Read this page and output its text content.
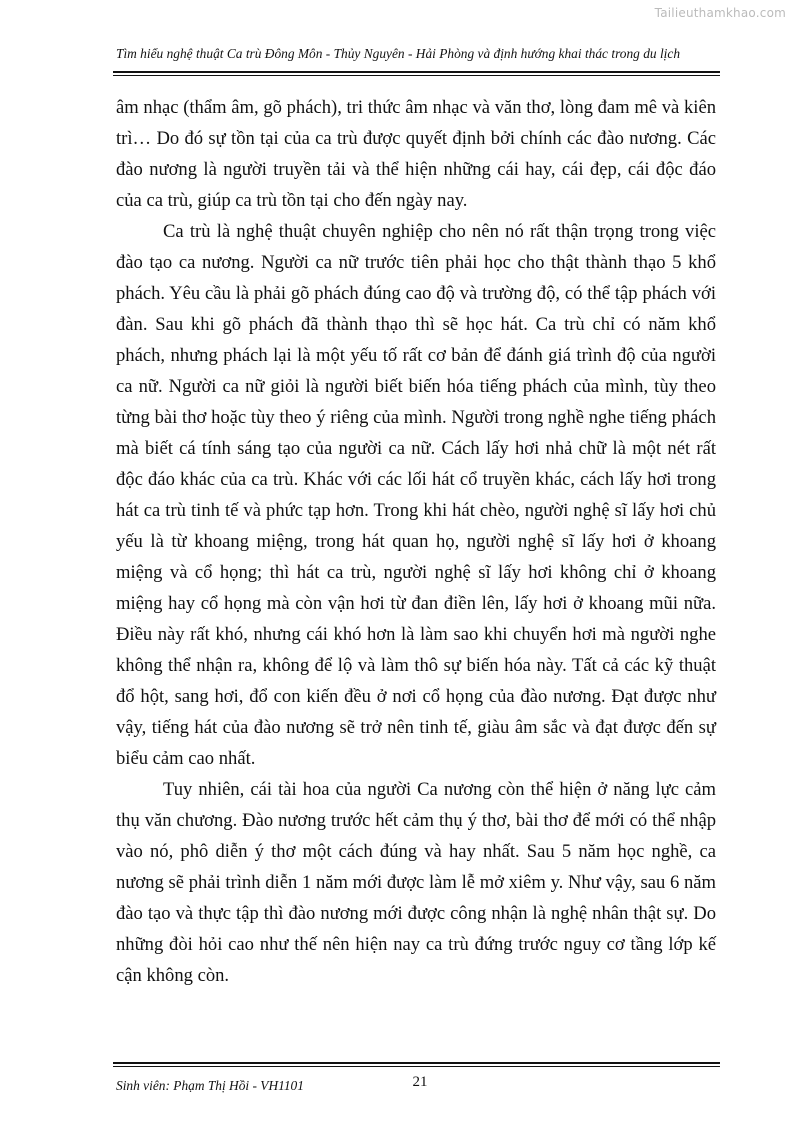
Tailieuthamkhao.com
Tìm hiểu nghệ thuật Ca trù Đông Môn - Thủy Nguyên - Hải Phòng và định hướng khai thác trong du lịch

âm nhạc (thẩm âm, gõ phách), tri thức âm nhạc và văn thơ, lòng đam mê và kiên trì… Do đó sự tồn tại của ca trù được quyết định bởi chính các đào nương. Các đào nương là người truyền tải và thể hiện những cái hay, cái đẹp, cái độc đáo của ca trù, giúp ca trù tồn tại cho đến ngày nay.

Ca trù là nghệ thuật chuyên nghiệp cho nên nó rất thận trọng trong việc đào tạo ca nương. Người ca nữ trước tiên phải học cho thật thành thạo 5 khổ phách. Yêu cầu là phải gõ phách đúng cao độ và trường độ, có thể tập phách với đàn. Sau khi gõ phách đã thành thạo thì sẽ học hát. Ca trù chỉ có năm khổ phách, nhưng phách lại là một yếu tố rất cơ bản để đánh giá trình độ của người ca nữ. Người ca nữ giỏi là người biết biến hóa tiếng phách của mình, tùy theo từng bài thơ hoặc tùy theo ý riêng của mình. Người trong nghề nghe tiếng phách mà biết cá tính sáng tạo của người ca nữ. Cách lấy hơi nhả chữ là một nét rất độc đáo khác của ca trù. Khác với các lối hát cổ truyền khác, cách lấy hơi trong hát ca trù tinh tế và phức tạp hơn. Trong khi hát chèo, người nghệ sĩ lấy hơi chủ yếu là từ khoang miệng, trong hát quan họ, người nghệ sĩ lấy hơi ở khoang miệng và cổ họng; thì hát ca trù, người nghệ sĩ lấy hơi không chỉ ở khoang miệng hay cổ họng mà còn vận hơi từ đan điền lên, lấy hơi ở khoang mũi nữa. Điều này rất khó, nhưng cái khó hơn là làm sao khi chuyển hơi mà người nghe không thể nhận ra, không để lộ và làm thô sự biến hóa này. Tất cả các kỹ thuật đổ hột, sang hơi, đổ con kiến đều ở nơi cổ họng của đào nương. Đạt được như vậy, tiếng hát của đào nương sẽ trở nên tinh tế, giàu âm sắc và đạt được đến sự biểu cảm cao nhất.

Tuy nhiên, cái tài hoa của người Ca nương còn thể hiện ở năng lực cảm thụ văn chương. Đào nương trước hết cảm thụ ý thơ, bài thơ để mới có thể nhập vào nó, phô diễn ý thơ một cách đúng và hay nhất. Sau 5 năm học nghề, ca nương sẽ phải trình diễn 1 năm mới được làm lễ mở xiêm y. Như vậy, sau 6 năm đào tạo và thực tập thì đào nương mới được công nhận là nghệ nhân thật sự. Do những đòi hỏi cao như thế nên hiện nay ca trù đứng trước nguy cơ tầng lớp kế cận không còn.

Sinh viên: Phạm Thị Hồi - VH1101	21
